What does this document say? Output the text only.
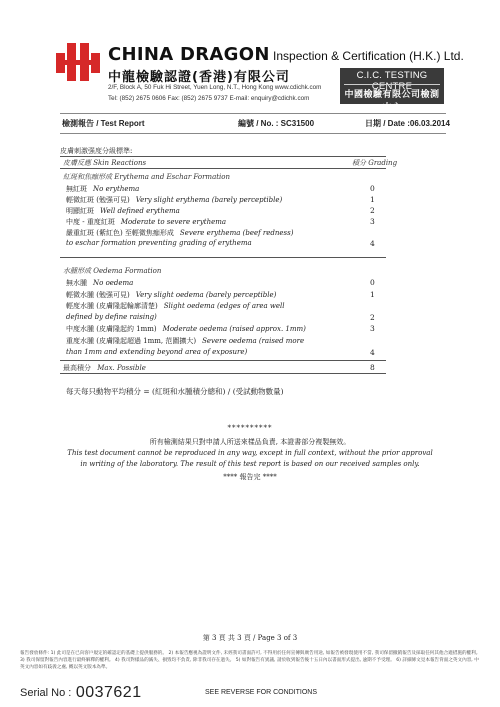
CHINA DRAGON Inspection & Certification (H.K.) Ltd.
中龍檢驗認證(香港)有限公司
2/F, Block A, 50 Fuk Hi Street, Yuen Long, N.T., Hong Kong www.cdichk.com
Tel: (852) 2675 0606 Fax: (852) 2675 9737 E-mail: enquiry@cdichk.com
C.I.C. TESTING CENTRE
中國檢驗有限公司檢測中心
檢測報告 / Test Report	編號 / No. : SC31500	日期 / Date :06.03.2014
皮膚刺激强度分級標準:
皮膚反應 Skin Reactions	積分 Grading
紅斑和焦痂形成 Erythema and Eschar Formation
無紅斑 No erythema	0
輕微紅斑 (勉强可見) Very slight erythema (barely perceptible)	1
明顯紅斑 Well defined erythema	2
中度 - 重度紅斑 Moderate to severe erythema	3
嚴重紅斑 (紫紅色) 至輕微焦痂形成 Severe erythema (beef redness)
to eschar formation preventing grading of erythema	4
水腫形成 Oedema Formation
無水腫 No oedema	0
輕微水腫 (勉强可見) Very slight oedema (barely perceptible)	1
輕度水腫 (皮膚隆起輪廓清楚) Slight oedema (edges of area well
defined by define raising)	2
中度水腫 (皮膚隆起約 1mm) Moderate oedema (raised approx. 1mm)	3
重度水腫 (皮膚隆起超過 1mm, 范圍擴大) Severe oedema (raised more
than 1mm and extending beyond area of exposure)	4
最高積分 Max. Possible	8
每天每只動物平均積分 = (紅斑和水腫積分總和) / (受試動物數量)
**********
所有檢測結果只對申請人所送來樣品負責, 本證書部分複製無效。
This test document cannot be reproduced in any way, except in full context, without the prior approval
in writing of the laboratory. The result of this test report is based on our received samples only.
**** 報告完 ****
第 3 頁 共 3 頁 / Page 3 of 3
報告發放條件: 1) 此司是在已向客戶規定的確認定的基礎上提供服務的。 2) 本報告應視為證明文件, 未經我司書面許可, 不得用於任何宣傳與廣告用途, 如報告被發現使用不當, 我司保留撤銷報告及採取任何其他合適措施的權利。 3) 我司保留對報告內容進行最終解釋的權利。 4) 我司對樣品的滅失、損毀均不負責, 除非我司存在過失。 5) 如對報告有異議, 請於收到報告後十五日內以書面形式提出, 逾期不予受理。 6) 詳細條文見本報告背面之英文內容, 中英文內容如有歧義之處, 概以英文版本為準。
Serial No : 0037621	SEE REVERSE FOR CONDITIONS
